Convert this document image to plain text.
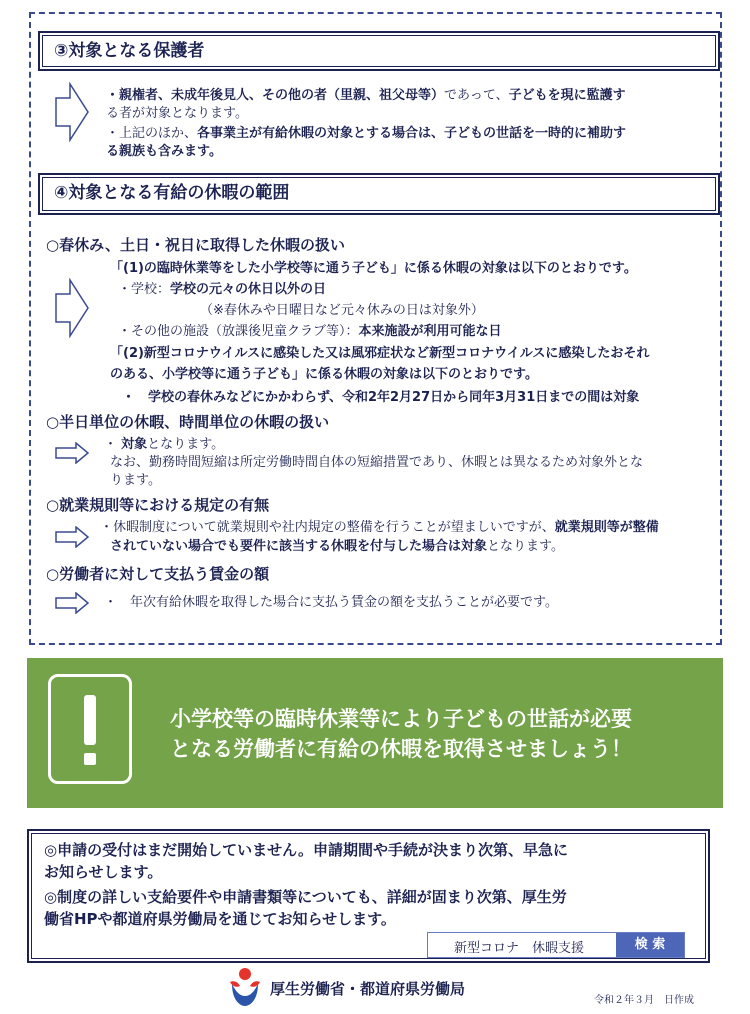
③対象となる保護者
・親権者、未成年後見人、その他の者（里親、祖父母等）であって、子どもを現に監護す
る者が対象となります。
・上記のほか、各事業主が有給休暇の対象とする場合は、子どもの世話を一時的に補助す
る親族も含みます。
④対象となる有給の休暇の範囲
○春休み、土日・祝日に取得した休暇の扱い
「(1)の臨時休業等をした小学校等に通う子ども」に係る休暇の対象は以下のとおりです。
・学校：学校の元々の休日以外の日
（※春休みや日曜日など元々休みの日は対象外）
・その他の施設（放課後児童クラブ等）：本来施設が利用可能な日
「(2)新型コロナウイルスに感染した又は風邪症状など新型コロナウイルスに感染したおそれ
のある、小学校等に通う子ども」に係る休暇の対象は以下のとおりです。
・　学校の春休みなどにかかわらず、令和2年2月27日から同年3月31日までの間は対象
○半日単位の休暇、時間単位の休暇の扱い
・ 対象となります。
なお、勤務時間短縮は所定労働時間自体の短縮措置であり、休暇とは異なるため対象外とな
ります。
○就業規則等における規定の有無
・休暇制度について就業規則や社内規定の整備を行うことが望ましいですが、就業規則等が整備
されていない場合でも要件に該当する休暇を付与した場合は対象となります。
○労働者に対して支払う賃金の額
・　年次有給休暇を取得した場合に支払う賃金の額を支払うことが必要です。
小学校等の臨時休業等により子どもの世話が必要
となる労働者に有給の休暇を取得させましょう！
◎申請の受付はまだ開始していません。申請期間や手続が決まり次第、早急に
お知らせします。
◎制度の詳しい支給要件や申請書類等についても、詳細が固まり次第、厚生労
働省HPや都道府県労働局を通じてお知らせします。
新型コロナ　休暇支援	検 索
厚生労働省・都道府県労働局
令和２年３月　日作成
